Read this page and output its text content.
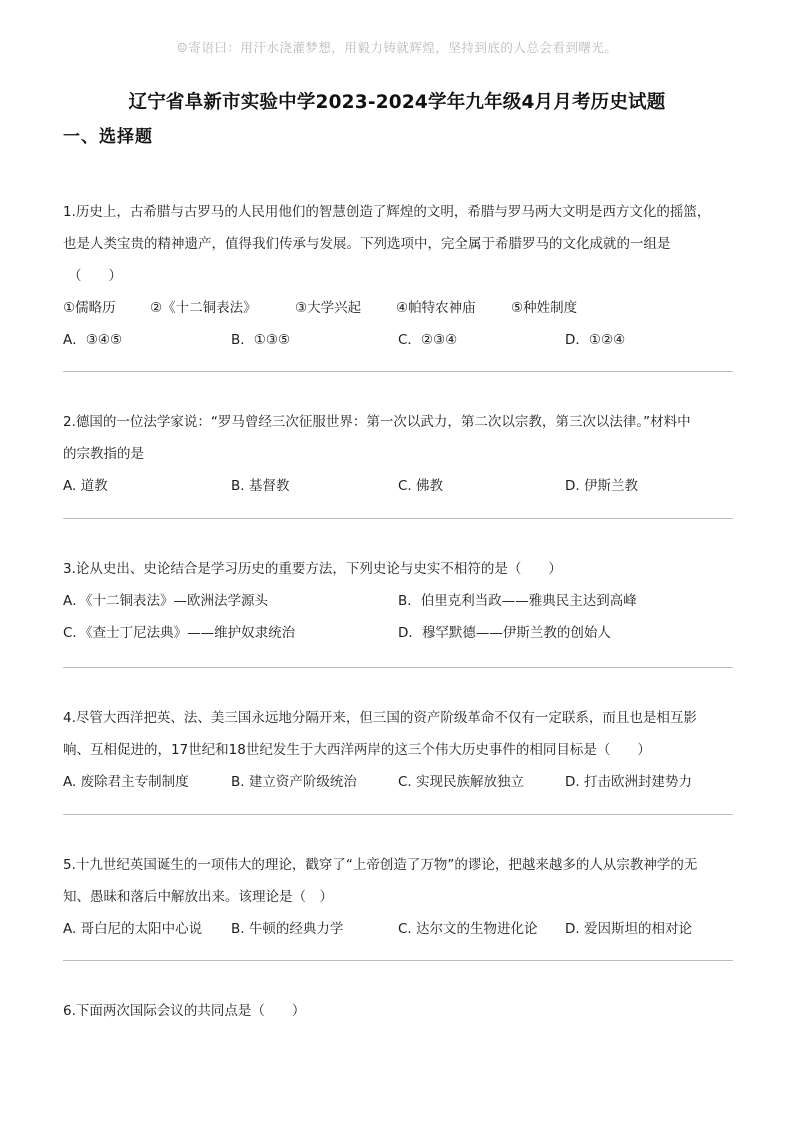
☺寄语曰：用汗水浇灌梦想，用毅力铸就辉煌，坚持到底的人总会看到曙光。
辽宁省阜新市实验中学2023-2024学年九年级4月月考历史试题
一、选择题
1.历史上，古希腊与古罗马的人民用他们的智慧创造了辉煌的文明，希腊与罗马两大文明是西方文化的摇篮，
也是人类宝贵的精神遗产，值得我们传承与发展。下列选项中，完全属于希腊罗马的文化成就的一组是
（　　）
①儒略历	②《十二铜表法》	③大学兴起	④帕特农神庙	⑤种姓制度
A．③④⑤	B．①③⑤	C．②③④	D．①②④
2.德国的一位法学家说：“罗马曾经三次征服世界：第一次以武力，第二次以宗教，第三次以法律。”材料中
的宗教指的是
A. 道教	B. 基督教	C. 佛教	D. 伊斯兰教
3.论从史出、史论结合是学习历史的重要方法，下列史论与史实不相符的是（　　）
A．《十二铜表法》—欧洲法学源头	B．伯里克利当政——雅典民主达到高峰
C．《查士丁尼法典》——维护奴隶统治	D．穆罕默德——伊斯兰教的创始人
4.尽管大西洋把英、法、美三国永远地分隔开来，但三国的资产阶级革命不仅有一定联系，而且也是相互影
响、互相促进的，17世纪和18世纪发生于大西洋两岸的这三个伟大历史事件的相同目标是（　　）
A. 废除君主专制制度	B. 建立资产阶级统治	C. 实现民族解放独立	D. 打击欧洲封建势力
5.十九世纪英国诞生的一项伟大的理论，戳穿了“上帝创造了万物”的谬论，把越来越多的人从宗教神学的无
知、愚昧和落后中解放出来。该理论是（　）
A. 哥白尼的太阳中心说 B. 牛顿的经典力学	C. 达尔文的生物进化论 D. 爱因斯坦的相对论
6.下面两次国际会议的共同点是（　　）
